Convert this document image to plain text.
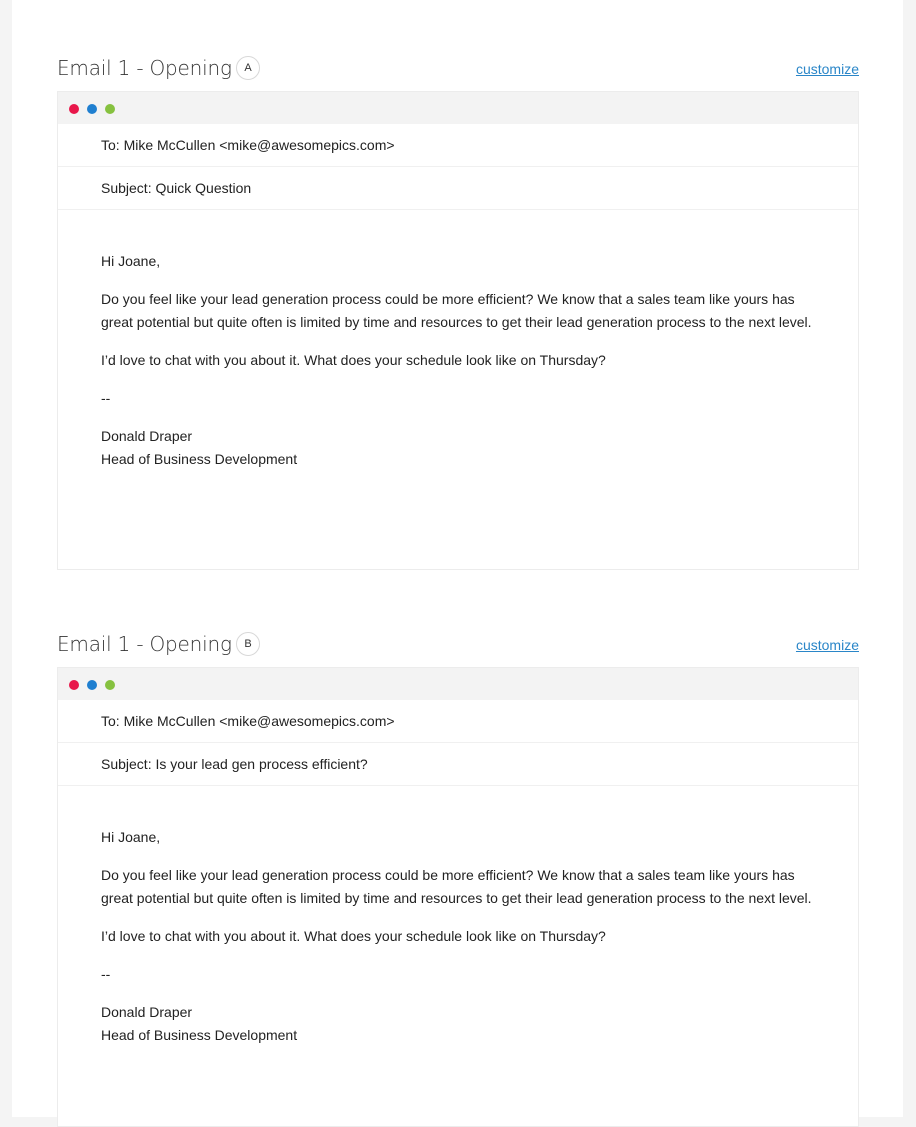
Email 1 - Opening	A	customize
To: Mike McCullen <mike@awesomepics.com>
Subject: Quick Question

Hi Joane,

Do you feel like your lead generation process could be more efficient? We know that a sales team like yours has great potential but quite often is limited by time and resources to get their lead generation process to the next level.

I’d love to chat with you about it. What does your schedule look like on Thursday?

--

Donald Draper
Head of Business Development
Email 1 - Opening	B	customize
To: Mike McCullen <mike@awesomepics.com>
Subject: Is your lead gen process efficient?

Hi Joane,

Do you feel like your lead generation process could be more efficient? We know that a sales team like yours has great potential but quite often is limited by time and resources to get their lead generation process to the next level.

I’d love to chat with you about it. What does your schedule look like on Thursday?

--

Donald Draper
Head of Business Development
